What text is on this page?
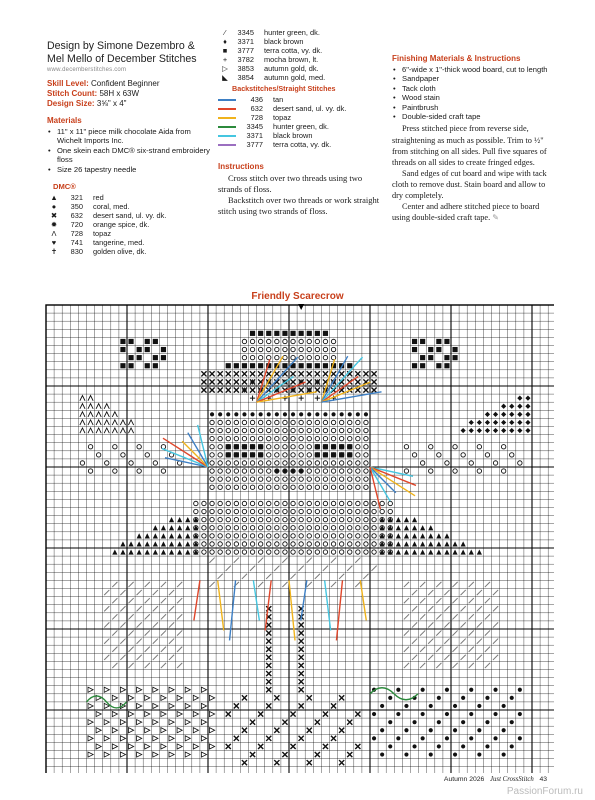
Design by Simone Dezembro &

Mel Mello of December Stitches

www.decemberstitches.com

Skill Level: Confident Beginner
Stitch Count: 58H x 63W
Design Size: 3⅝" x 4"
Materials
• 11" x 11" piece milk chocolate Aida from Wichelt Imports Inc.
• One skein each DMC® six-strand embroidery floss
• Size 26 tapestry needle
DMC®
▲	321	red
●	350	coral, med.
✖	632	desert sand, ul. vy. dk.
✹	720	orange spice, dk.
Λ	728	topaz
♥	741	tangerine, med.
✝	830	golden olive, dk.
⁄	3345	hunter green, dk.
♦	3371	black brown
■	3777	terra cotta, vy. dk.
+	3782	mocha brown, lt.
▷	3853	autumn gold, dk.
◣	3854	autumn gold, med.
Backstitches/Straight Stitches
436	tan
632	desert sand, ul. vy. dk.
728	topaz
3345	hunter green, dk.
3371	black brown
3777	terra cotta, vy. dk.
Instructions

Cross stitch over two threads using two strands of floss.

Backstitch over two threads or work straight stitch using two strands of floss.

Finishing Materials & Instructions
• 6"-wide x 1"-thick wood board, cut to length
• Sandpaper
• Tack cloth
• Wood stain
• Paintbrush
• Double-sided craft tape

Press stitched piece from reverse side, straightening as much as possible. Trim to ½" from stitching on all sides. Pull five squares of threads on all sides to create fringed edges.

Sand edges of cut board and wipe with tack cloth to remove dust. Stain board and allow to dry completely.

Center and adhere stitched piece to board using double-sided craft tape. ✎

Friendly Scarecrow
Autumn 2026 Just CrossStitch 43
PassionForum.ru
